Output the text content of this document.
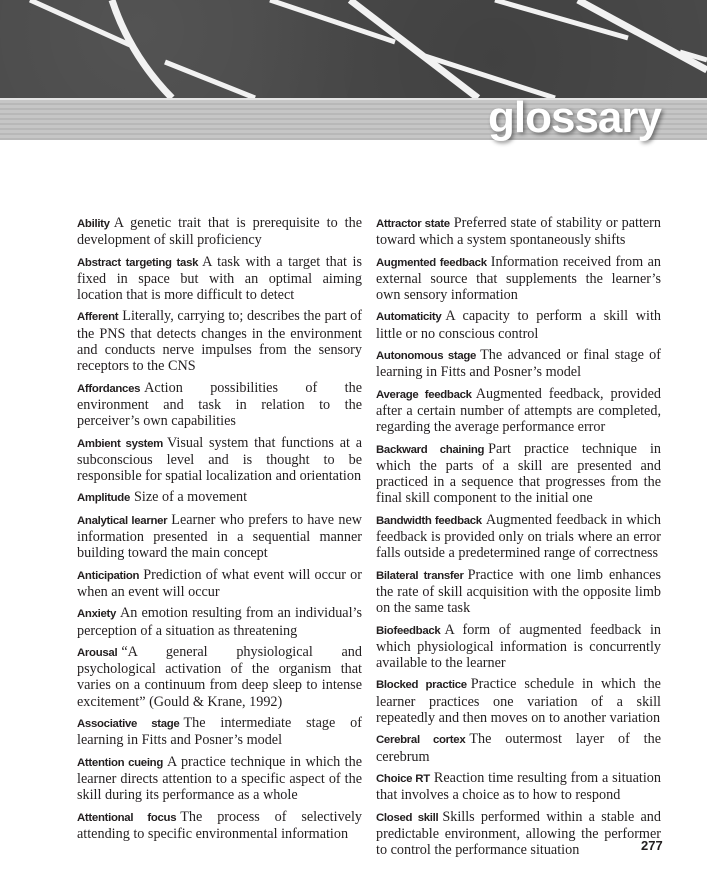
glossary

Ability A genetic trait that is prerequisite to the development of skill proficiency

Abstract targeting task A task with a target that is fixed in space but with an optimal aiming location that is more difficult to detect

Afferent Literally, carrying to; describes the part of the PNS that detects changes in the environment and conducts nerve impulses from the sensory receptors to the CNS

Affordances Action possibilities of the environment and task in relation to the perceiver’s own capabilities

Ambient system Visual system that functions at a subconscious level and is thought to be responsible for spatial localization and orientation

Amplitude Size of a movement

Analytical learner Learner who prefers to have new information presented in a sequential manner building toward the main concept

Anticipation Prediction of what event will occur or when an event will occur

Anxiety An emotion resulting from an individual’s perception of a situation as threatening

Arousal “A general physiological and psychological activation of the organism that varies on a continuum from deep sleep to intense excitement” (Gould & Krane, 1992)

Associative stage The intermediate stage of learning in Fitts and Posner’s model

Attention cueing A practice technique in which the learner directs attention to a specific aspect of the skill during its performance as a whole

Attentional focus The process of selectively attending to specific environmental information

Attractor state Preferred state of stability or pattern toward which a system spontaneously shifts

Augmented feedback Information received from an external source that supplements the learner’s own sensory information

Automaticity A capacity to perform a skill with little or no conscious control

Autonomous stage The advanced or final stage of learning in Fitts and Posner’s model

Average feedback Augmented feedback, provided after a certain number of attempts are completed, regarding the average performance error

Backward chaining Part practice technique in which the parts of a skill are presented and practiced in a sequence that progresses from the final skill component to the initial one

Bandwidth feedback Augmented feedback in which feedback is provided only on trials where an error falls outside a predetermined range of correctness

Bilateral transfer Practice with one limb enhances the rate of skill acquisition with the opposite limb on the same task

Biofeedback A form of augmented feedback in which physiological information is concurrently available to the learner

Blocked practice Practice schedule in which the learner practices one variation of a skill repeatedly and then moves on to another variation

Cerebral cortex The outermost layer of the cerebrum

Choice RT Reaction time resulting from a situation that involves a choice as to how to respond

Closed skill Skills performed within a stable and predictable environment, allowing the performer to control the performance situation	277
